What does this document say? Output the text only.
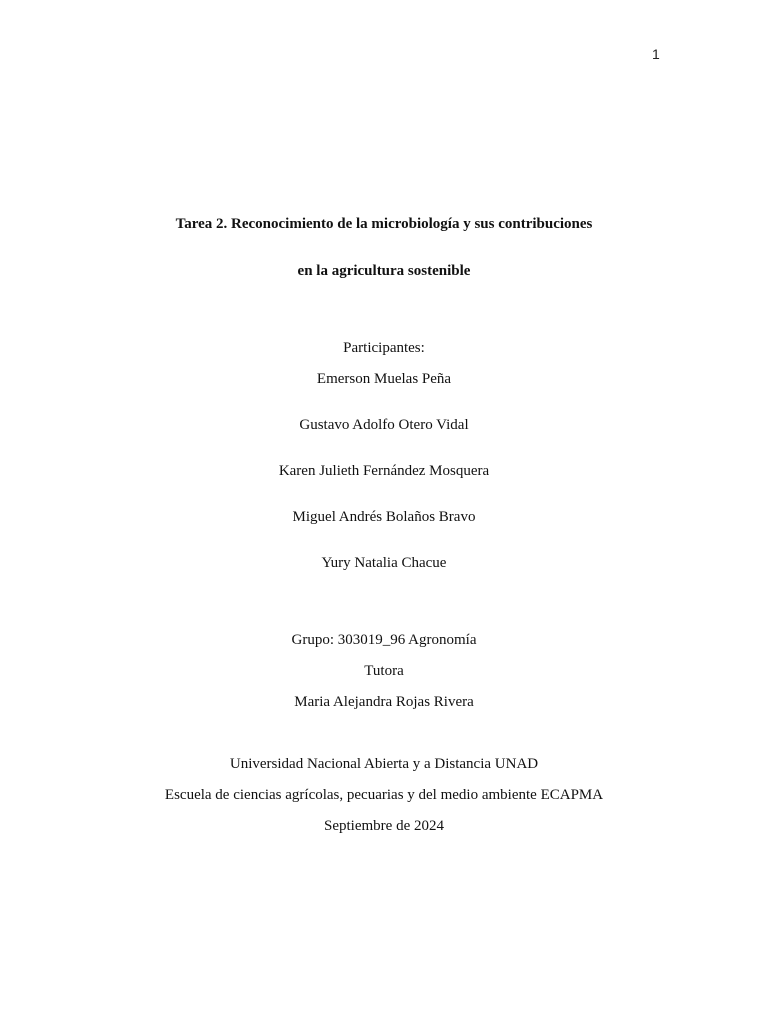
1
Tarea 2. Reconocimiento de la microbiología y sus contribuciones
en la agricultura sostenible
Participantes:
Emerson Muelas Peña
Gustavo Adolfo Otero Vidal
Karen Julieth Fernández Mosquera
Miguel Andrés Bolaños Bravo
Yury Natalia Chacue
Grupo: 303019_96 Agronomía
Tutora
Maria Alejandra Rojas Rivera
Universidad Nacional Abierta y a Distancia UNAD
Escuela de ciencias agrícolas, pecuarias y del medio ambiente ECAPMA
Septiembre de 2024
